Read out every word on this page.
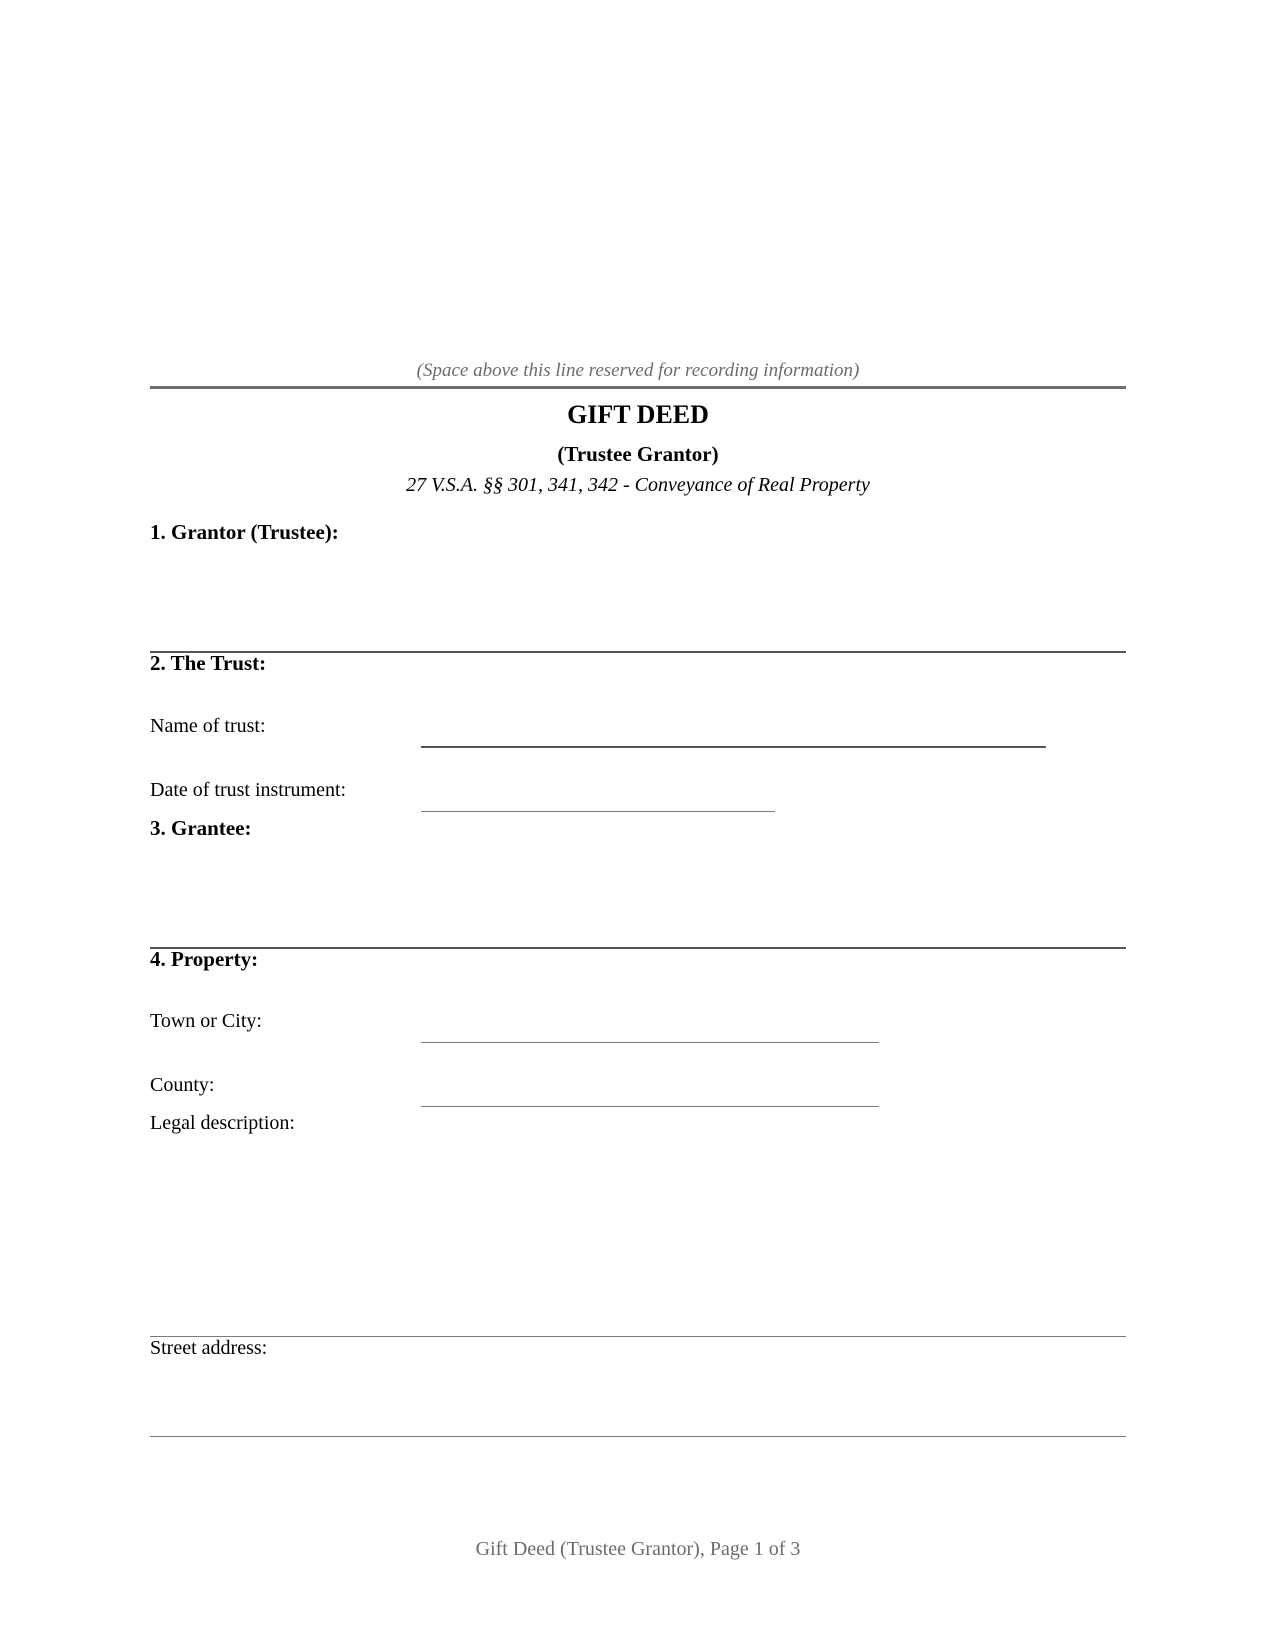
(Space above this line reserved for recording information)
GIFT DEED
(Trustee Grantor)
27 V.S.A. §§ 301, 341, 342 - Conveyance of Real Property
1. Grantor (Trustee):
2. The Trust:
Name of trust:
Date of trust instrument:
3. Grantee:
4. Property:
Town or City:
County:
Legal description:
Street address:
Gift Deed (Trustee Grantor), Page 1 of 3
